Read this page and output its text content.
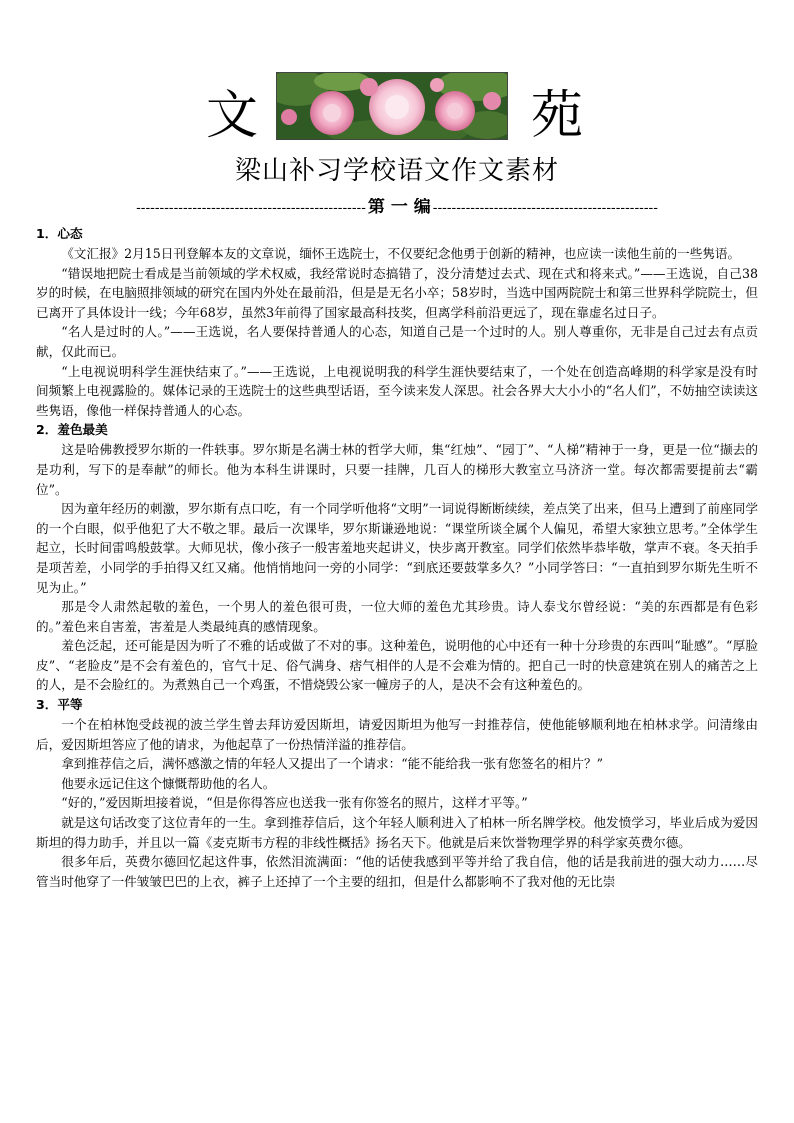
文	苑
梁山补习学校语文作文素材
------------------------------------------------- 第 一 编 ------------------------------------------------

1．心态

《文汇报》2月15日刊登解本友的文章说，缅怀王选院士，不仅要纪念他勇于创新的精神，也应读一读他生前的一些隽语。

“错误地把院士看成是当前领域的学术权威，我经常说时态搞错了，没分清楚过去式、现在式和将来式。”——王选说，自己38岁的时候，在电脑照排领域的研究在国内外处在最前沿，但是是无名小卒；58岁时，当选中国两院院士和第三世界科学院院士，但已离开了具体设计一线；今年68岁，虽然3年前得了国家最高科技奖，但离学科前沿更远了，现在靠虚名过日子。

“名人是过时的人。”——王选说，名人要保持普通人的心态，知道自己是一个过时的人。别人尊重你，无非是自己过去有点贡献，仅此而已。

“上电视说明科学生涯快结束了。”——王选说，上电视说明我的科学生涯快要结束了，一个处在创造高峰期的科学家是没有时间频繁上电视露脸的。媒体记录的王选院士的这些典型话语，至今读来发人深思。社会各界大大小小的“名人们”，不妨抽空读读这些隽语，像他一样保持普通人的心态。

2．羞色最美

这是哈佛教授罗尔斯的一件轶事。罗尔斯是名满士林的哲学大师，集“红烛”、“园丁”、“人梯”精神于一身，更是一位“撷去的是功利，写下的是奉献”的师长。他为本科生讲课时，只要一挂牌，几百人的梯形大教室立马济济一堂。每次都需要提前去“霸位”。

因为童年经历的刺激，罗尔斯有点口吃，有一个同学听他将“文明”一词说得断断续续，差点笑了出来，但马上遭到了前座同学的一个白眼，似乎他犯了大不敬之罪。最后一次课毕，罗尔斯谦逊地说：“课堂所谈全属个人偏见，希望大家独立思考。”全体学生起立，长时间雷鸣般鼓掌。大师见状，像小孩子一般害羞地夹起讲义，快步离开教室。同学们依然毕恭毕敬，掌声不衰。冬天拍手是项苦差，小同学的手拍得又红又痛。他悄悄地问一旁的小同学：“到底还要鼓掌多久？”小同学答曰：“一直拍到罗尔斯先生听不见为止。”

那是令人肃然起敬的羞色，一个男人的羞色很可贵，一位大师的羞色尤其珍贵。诗人泰戈尔曾经说：“美的东西都是有色彩的。”羞色来自害羞，害羞是人类最纯真的感情现象。

羞色泛起，还可能是因为听了不雅的话或做了不对的事。这种羞色，说明他的心中还有一种十分珍贵的东西叫“耻感”。“厚脸皮”、“老脸皮”是不会有羞色的，官气十足、俗气满身、痞气相伴的人是不会难为情的。把自己一时的快意建筑在别人的痛苦之上的人，是不会脸红的。为煮熟自己一个鸡蛋，不惜烧毁公家一幢房子的人，是决不会有这种羞色的。

3．平等

一个在柏林饱受歧视的波兰学生曾去拜访爱因斯坦，请爱因斯坦为他写一封推荐信，使他能够顺利地在柏林求学。问清缘由后，爱因斯坦答应了他的请求，为他起草了一份热情洋溢的推荐信。

拿到推荐信之后，满怀感激之情的年轻人又提出了一个请求：“能不能给我一张有您签名的相片？”

他要永远记住这个慷慨帮助他的名人。

“好的，”爱因斯坦接着说，“但是你得答应也送我一张有你签名的照片，这样才平等。”

就是这句话改变了这位青年的一生。拿到推荐信后，这个年轻人顺利进入了柏林一所名牌学校。他发愤学习，毕业后成为爱因斯坦的得力助手，并且以一篇《麦克斯韦方程的非线性概括》扬名天下。他就是后来饮誉物理学界的科学家英费尔德。

很多年后，英费尔德回忆起这件事，依然泪流满面：“他的话使我感到平等并给了我自信，他的话是我前进的强大动力……尽管当时他穿了一件皱皱巴巴的上衣，裤子上还掉了一个主要的纽扣，但是什么都影响不了我对他的无比崇
